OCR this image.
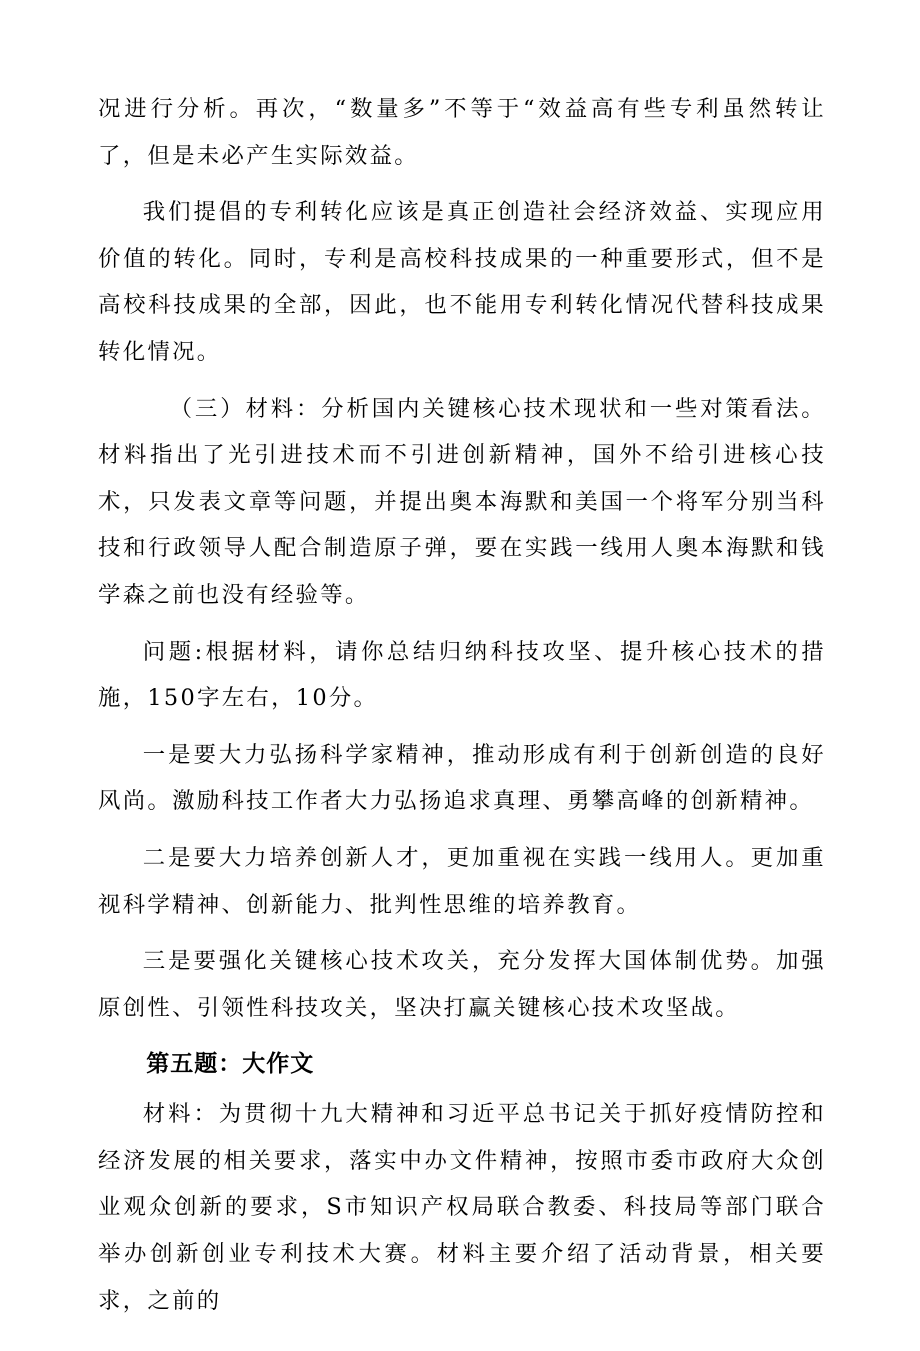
况进行分析。再次，“数量多”不等于“效益高有些专利虽然转让了，但是未必产生实际效益。

我们提倡的专利转化应该是真正创造社会经济效益、实现应用价值的转化。同时，专利是高校科技成果的一种重要形式，但不是高校科技成果的全部，因此，也不能用专利转化情况代替科技成果转化情况。

（三）材料：分析国内关键核心技术现状和一些对策看法。材料指出了光引进技术而不引进创新精神，国外不给引进核心技术，只发表文章等问题，并提出奥本海默和美国一个将军分别当科技和行政领导人配合制造原子弹，要在实践一线用人奥本海默和钱学森之前也没有经验等。

问题:根据材料，请你总结归纳科技攻坚、提升核心技术的措施，150字左右，10分。

一是要大力弘扬科学家精神，推动形成有利于创新创造的良好风尚。激励科技工作者大力弘扬追求真理、勇攀高峰的创新精神。

二是要大力培养创新人才，更加重视在实践一线用人。更加重视科学精神、创新能力、批判性思维的培养教育。

三是要强化关键核心技术攻关，充分发挥大国体制优势。加强原创性、引领性科技攻关，坚决打赢关键核心技术攻坚战。

第五题：大作文

材料：为贯彻十九大精神和习近平总书记关于抓好疫情防控和经济发展的相关要求，落实中办文件精神，按照市委市政府大众创业观众创新的要求，S市知识产权局联合教委、科技局等部门联合举办创新创业专利技术大赛。材料主要介绍了活动背景，相关要求，之前的
